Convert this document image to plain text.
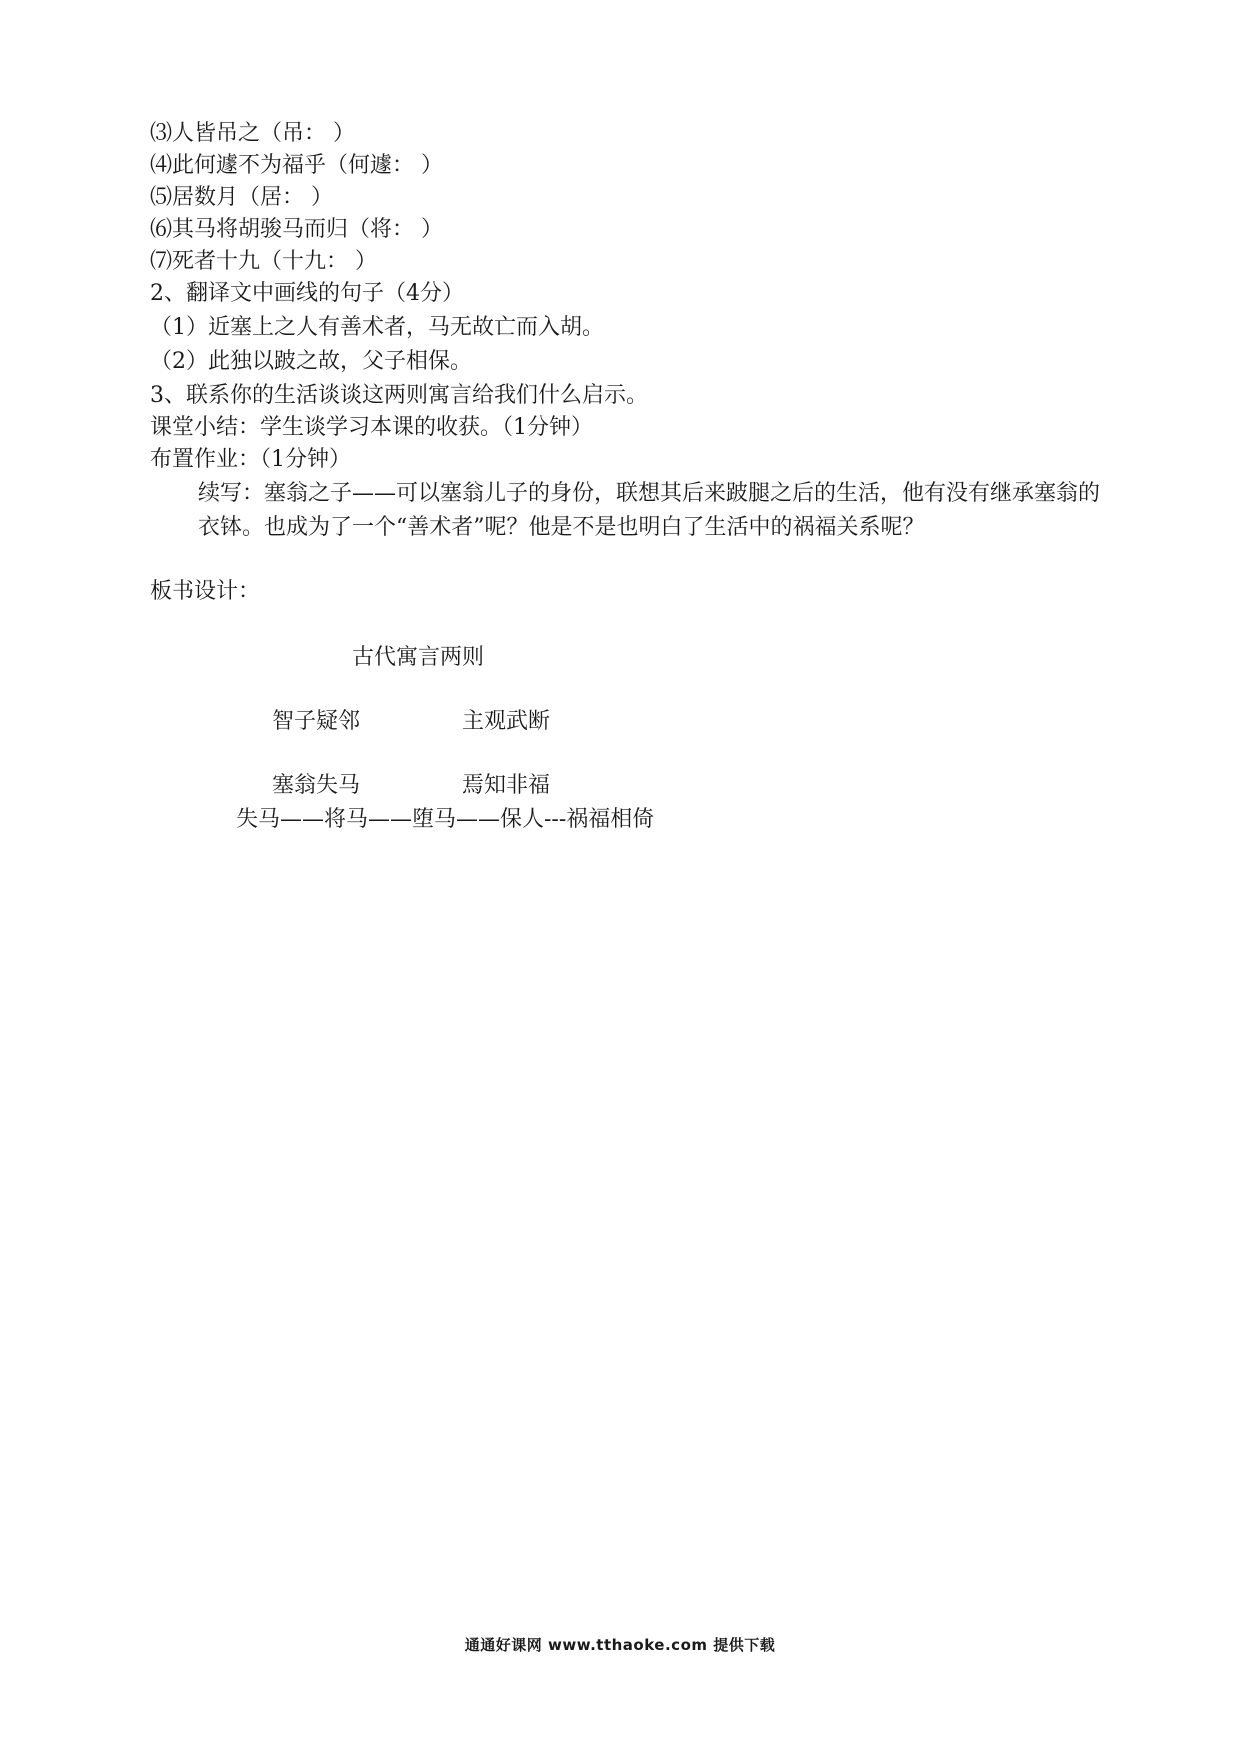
⑶人皆吊之（吊： ）
⑷此何遽不为福乎（何遽： ）
⑸居数月（居： ）
⑹其马将胡骏马而归（将： ）
⑺死者十九（十九： ）
2、翻译文中画线的句子（4分）
（1）近塞上之人有善术者，马无故亡而入胡。
（2）此独以跛之故，父子相保。
3、联系你的生活谈谈这两则寓言给我们什么启示。
课堂小结：学生谈学习本课的收获。（1分钟）
布置作业：（1分钟）
续写：塞翁之子——可以塞翁儿子的身份，联想其后来跛腿之后的生活，他有没有继承塞翁的衣钵。也成为了一个“善术者”呢？他是不是也明白了生活中的祸福关系呢？
板书设计：
古代寓言两则
智子疑邻	主观武断
塞翁失马	焉知非福
失马——将马——堕马——保人---祸福相倚
通通好课网 www.tthaoke.com 提供下载
